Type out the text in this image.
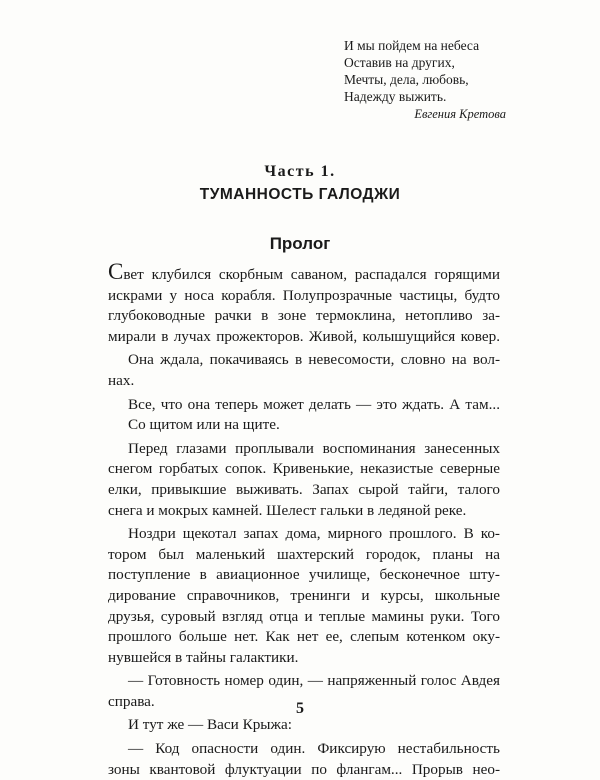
И мы пойдем на небеса
Оставив на других,
Мечты, дела, любовь,
Надежду выжить.
Евгения Кретова
Часть 1.
ТУМАННОСТЬ ГАЛОДЖИ
Пролог
Свет клубился скорбным саваном, распадался горящими
искрами у носа корабля. Полупрозрачные частицы, будто
глубоководные рачки в зоне термоклина, нетопливо за-
мирали в лучах прожекторов. Живой, колышущийся ковер.
Она ждала, покачиваясь в невесомости, словно на вол-
нах.
Все, что она теперь может делать — это ждать. А там...
Со щитом или на щите.
Перед глазами проплывали воспоминания занесенных
снегом горбатых сопок. Кривенькие, неказистые северные
елки, привыкшие выживать. Запах сырой тайги, талого
снега и мокрых камней. Шелест гальки в ледяной реке.
Ноздри щекотал запах дома, мирного прошлого. В ко-
тором был маленький шахтерский городок, планы на
поступление в авиационное училище, бесконечное шту-
дирование справочников, тренинги и курсы, школьные
друзья, суровый взгляд отца и теплые мамины руки. Того
прошлого больше нет. Как нет ее, слепым котенком оку-
нувшейся в тайны галактики.
— Готовность номер один, — напряженный голос Авдея
справа.
И тут же — Васи Крыжа:
— Код опасности один. Фиксирую нестабильность
зоны квантовой флуктуации по флангам... Прорыв нео-
5
